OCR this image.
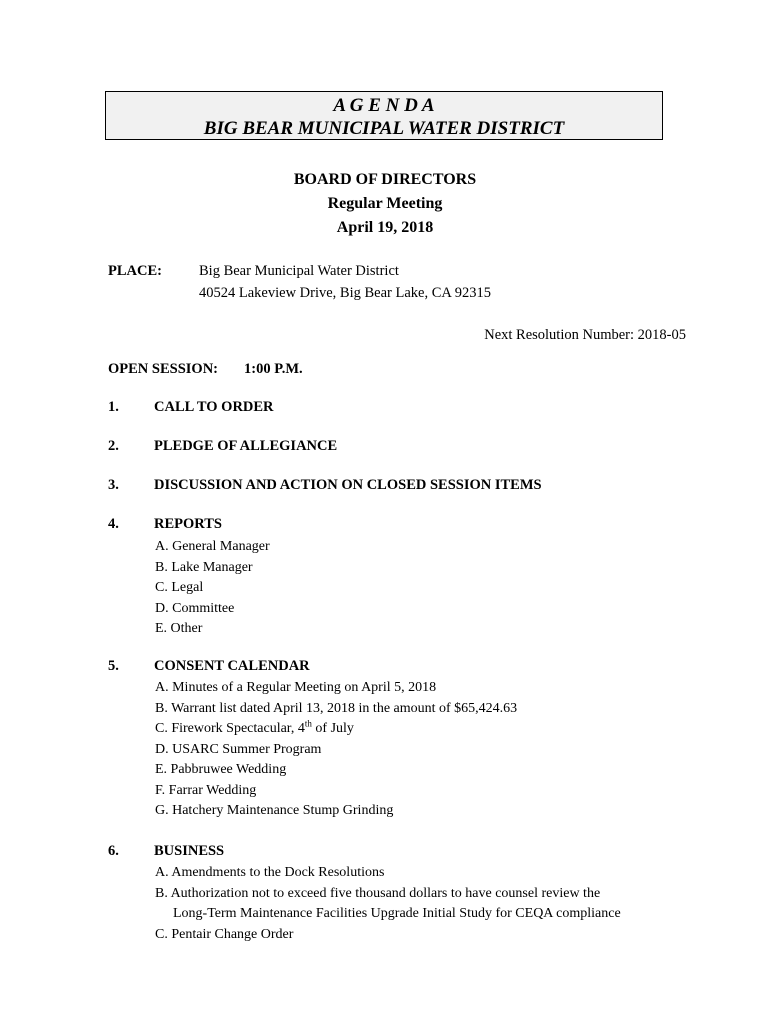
A G E N D A
BIG BEAR MUNICIPAL WATER DISTRICT
BOARD OF DIRECTORS
Regular Meeting
April 19, 2018
PLACE:	Big Bear Municipal Water District
40524 Lakeview Drive, Big Bear Lake, CA 92315
Next Resolution Number: 2018-05
OPEN SESSION: 1:00 P.M.
1. CALL TO ORDER
2. PLEDGE OF ALLEGIANCE
3. DISCUSSION AND ACTION ON CLOSED SESSION ITEMS
4. REPORTS
A. General Manager
B. Lake Manager
C. Legal
D. Committee
E. Other
5. CONSENT CALENDAR
A. Minutes of a Regular Meeting on April 5, 2018
B. Warrant list dated April 13, 2018 in the amount of $65,424.63
C. Firework Spectacular, 4th of July
D. USARC Summer Program
E. Pabbruwee Wedding
F. Farrar Wedding
G. Hatchery Maintenance Stump Grinding
6. BUSINESS
A. Amendments to the Dock Resolutions
B. Authorization not to exceed five thousand dollars to have counsel review the
Long-Term Maintenance Facilities Upgrade Initial Study for CEQA compliance
C. Pentair Change Order
